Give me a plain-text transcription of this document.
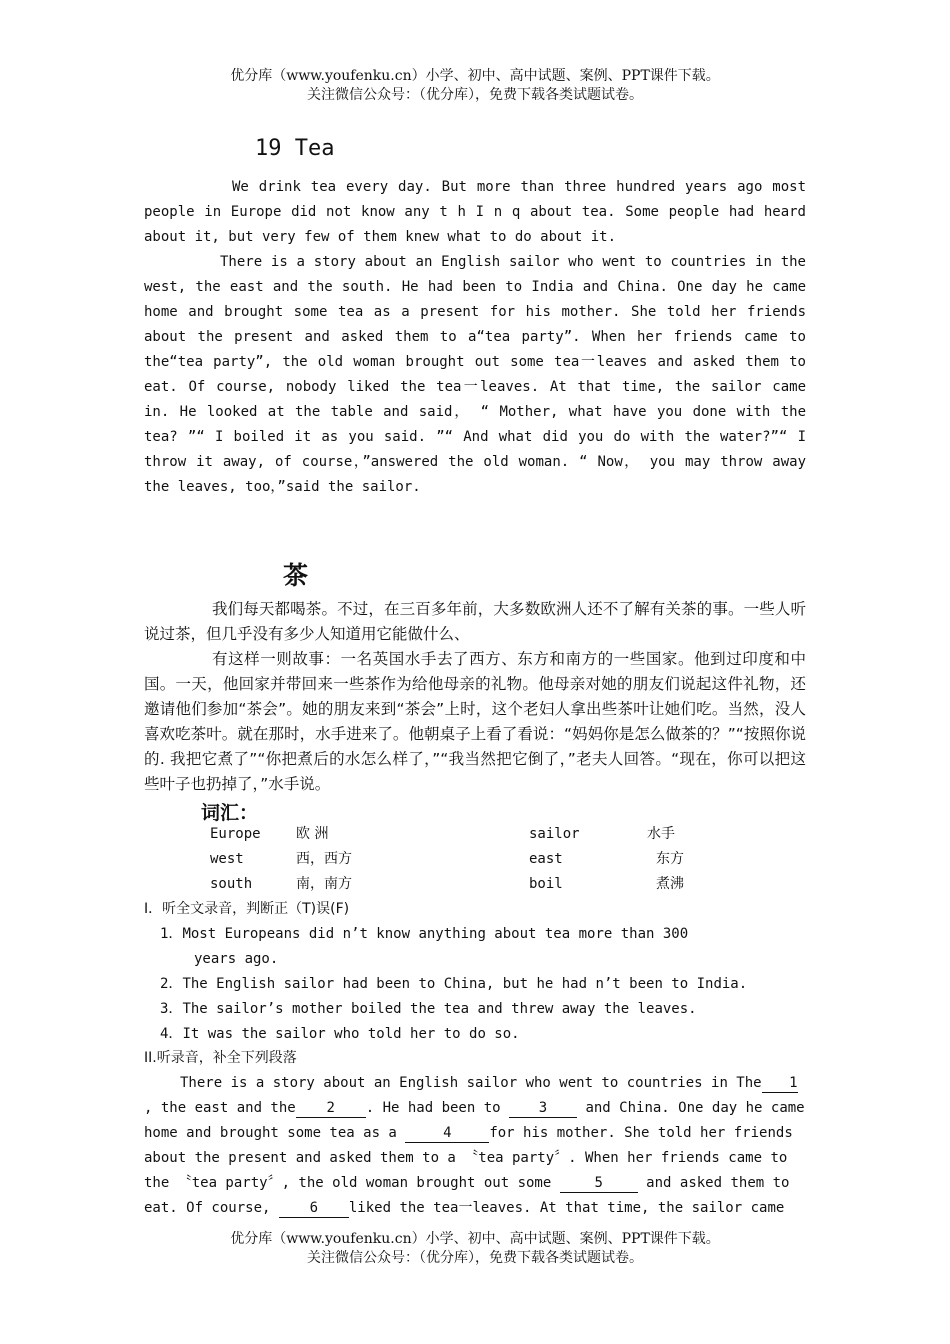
优分库（www.youfenku.cn）小学、初中、高中试题、案例、PPT课件下载。
关注微信公众号：（优分库），免费下载各类试题试卷。
19 Tea
We drink tea every day. But more than three hundred years ago most people in Europe did not know any t h I n q about tea. Some people had heard about it, but very few of them knew what to do about it.
There is a story about an English sailor who went to countries in the west, the east and the south. He had been to India and China. One day he came home and brought some tea as a present for his mother. She told her friends about the present and asked them to a“tea party”. When her friends came to the“tea party”, the old woman brought out some tea一leaves and asked them to eat. Of course, nobody liked the tea一leaves. At that time, the sailor came in. He looked at the table and said， “ Mother, what have you done with the tea? ”“ I boiled it as you said. ”“ And what did you do with the water?”“ I throw it away, of course，”answered the old woman. “ Now， you may throw away the leaves, too，”said the sailor.
茶
我们每天都喝茶。不过，在三百多年前，大多数欧洲人还不了解有关茶的事。一些人听说过茶，但几乎没有多少人知道用它能做什么、
有这样一则故事：一名英国水手去了西方、东方和南方的一些国家。他到过印度和中国。一天，他回家并带回来一些茶作为给他母亲的礼物。他母亲对她的朋友们说起这件礼物，还邀请他们参加“茶会”。她的朋友来到“茶会”上时，这个老妇人拿出些茶叶让她们吃。当然，没人喜欢吃茶叶。就在那时，水手进来了。他朝桌子上看了看说：“妈妈你是怎么做茶的？”“按照你说的. 我把它煮了”“你把煮后的水怎么样了，”“我当然把它倒了，”老夫人回答。“现在，你可以把这些叶子也扔掉了，”水手说。
词汇：
Europe	欧 洲	sailor	水手
west	西，西方	east	东方
south	南，南方	boil	煮沸
I．听全文录音，判断正（T)误(F)
1．Most Europeans did n’t know anything about tea more than 300
years ago.
2．The English sailor had been to China, but he had n’t been to India.
3．The sailor’s mother boiled the tea and threw away the leaves.
4．It was the sailor who told her to do so.
II.听录音，补全下列段落
There is a story about an English sailor who went to countries in The 1
, the east and the 2 . He had been to	3	and China. One day he came
home and brought some tea as a	4	for his mother. She told her friends
about the present and asked them to a 〝tea party〞. When her friends came to
the 〝tea party〞, the old woman brought out some	5	and asked them to
eat. Of course,	6 liked the tea一leaves. At that time, the sailor came
优分库（www.youfenku.cn）小学、初中、高中试题、案例、PPT课件下载。
关注微信公众号：（优分库），免费下载各类试题试卷。
